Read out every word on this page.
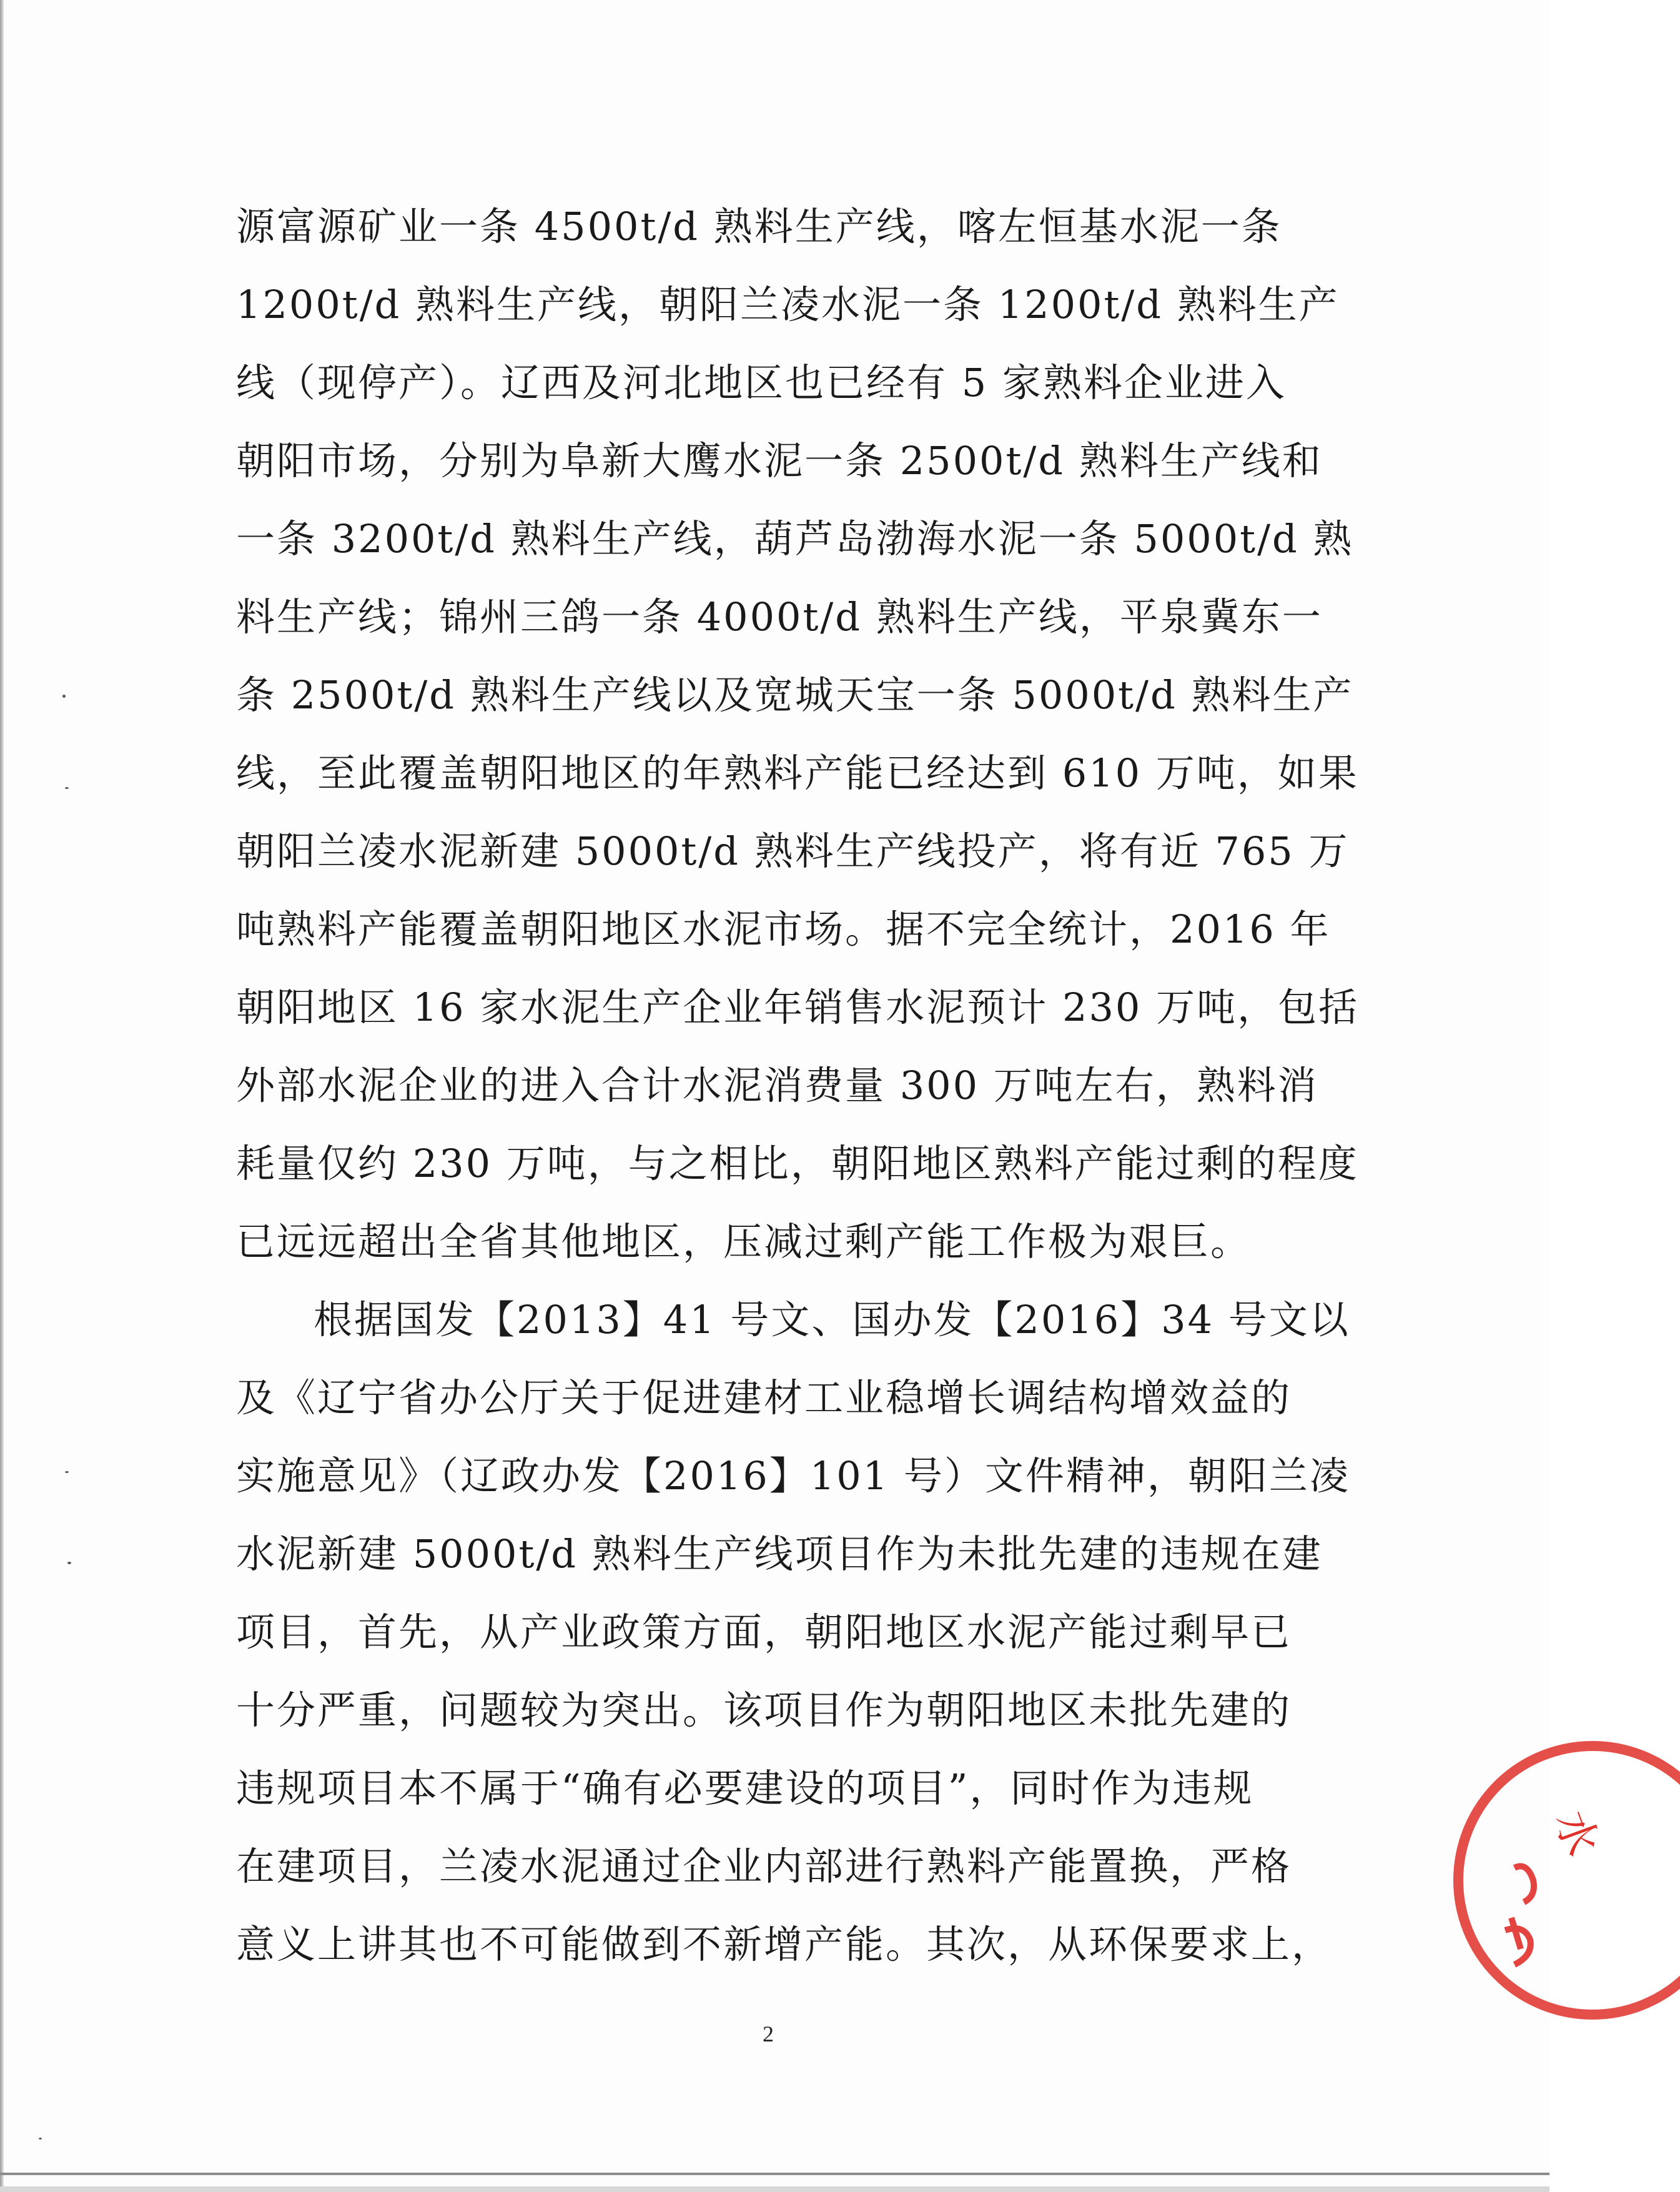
源富源矿业一条 4500t/d 熟料生产线，喀左恒基水泥一条
1200t/d 熟料生产线，朝阳兰凌水泥一条 1200t/d 熟料生产
线（现停产）。辽西及河北地区也已经有 5 家熟料企业进入
朝阳市场，分别为阜新大鹰水泥一条 2500t/d 熟料生产线和
一条 3200t/d 熟料生产线，葫芦岛渤海水泥一条 5000t/d 熟
料生产线；锦州三鸽一条 4000t/d 熟料生产线，平泉冀东一
条 2500t/d 熟料生产线以及宽城天宝一条 5000t/d 熟料生产
线，至此覆盖朝阳地区的年熟料产能已经达到 610 万吨，如果
朝阳兰凌水泥新建 5000t/d 熟料生产线投产，将有近 765 万
吨熟料产能覆盖朝阳地区水泥市场。据不完全统计，2016 年
朝阳地区 16 家水泥生产企业年销售水泥预计 230 万吨，包括
外部水泥企业的进入合计水泥消费量 300 万吨左右，熟料消
耗量仅约 230 万吨，与之相比，朝阳地区熟料产能过剩的程度
已远远超出全省其他地区，压减过剩产能工作极为艰巨。
根据国发【2013】41 号文、国办发【2016】34 号文以
及《辽宁省办公厅关于促进建材工业稳增长调结构增效益的
实施意见》（辽政办发【2016】101 号）文件精神，朝阳兰凌
水泥新建 5000t/d 熟料生产线项目作为未批先建的违规在建
项目，首先，从产业政策方面，朝阳地区水泥产能过剩早已
十分严重，问题较为突出。该项目作为朝阳地区未批先建的
违规项目本不属于“确有必要建设的项目”，同时作为违规
在建项目，兰凌水泥通过企业内部进行熟料产能置换，严格
意义上讲其也不可能做到不新增产能。其次，从环保要求上，
2
水
